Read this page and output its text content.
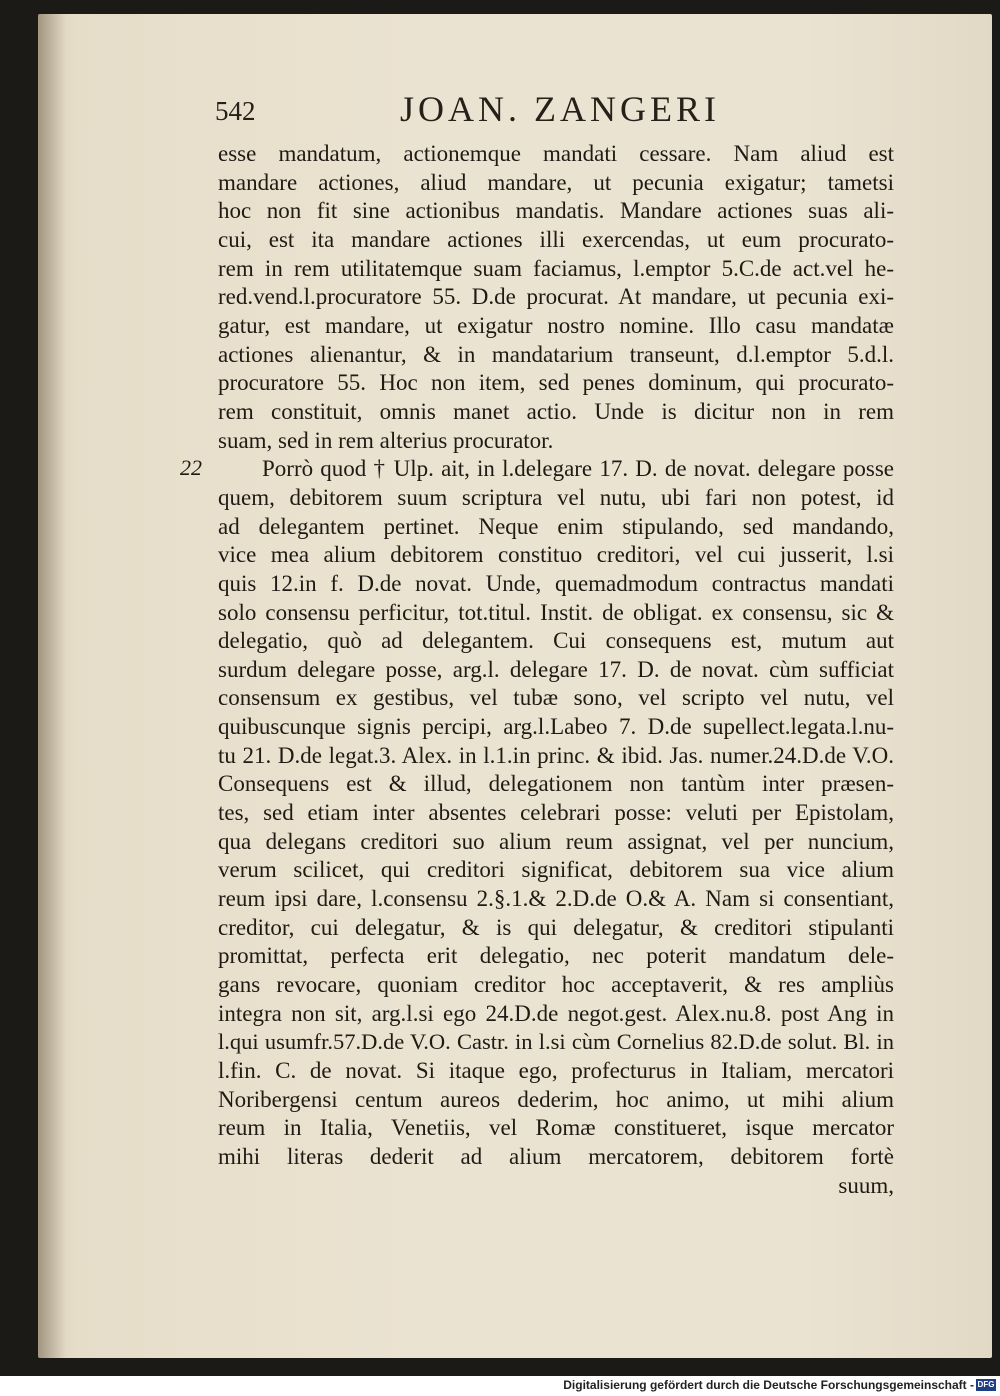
542	JOAN. ZANGERI
esse mandatum, actionemque mandati cessare. Nam aliud est
mandare actiones, aliud mandare, ut pecunia exigatur; tametsi
hoc non fit sine actionibus mandatis. Mandare actiones suas ali-
cui, est ita mandare actiones illi exercendas, ut eum procurato-
rem in rem utilitatemque suam faciamus, l.emptor 5.C.de act.vel he-
red.vend.l.procuratore 55. D.de procurat. At mandare, ut pecunia exi-
gatur, est mandare, ut exigatur nostro nomine. Illo casu mandatæ
actiones alienantur, & in mandatarium transeunt, d.l.emptor 5.d.l.
procuratore 55. Hoc non item, sed penes dominum, qui procurato-
rem constituit, omnis manet actio. Unde is dicitur non in rem
suam, sed in rem alterius procurator.
22	Porrò quod † Ulp. ait, in l.delegare 17. D. de novat. delegare posse
quem, debitorem suum scriptura vel nutu, ubi fari non potest, id
ad delegantem pertinet. Neque enim stipulando, sed mandando,
vice mea alium debitorem constituo creditori, vel cui jusserit, l.si
quis 12.in f. D.de novat. Unde, quemadmodum contractus mandati
solo consensu perficitur, tot.titul. Instit. de obligat. ex consensu, sic &
delegatio, quò ad delegantem. Cui consequens est, mutum aut
surdum delegare posse, arg.l. delegare 17. D. de novat. cùm sufficiat
consensum ex gestibus, vel tubæ sono, vel scripto vel nutu, vel
quibuscunque signis percipi, arg.l.Labeo 7. D.de supellect.legata.l.nu-
tu 21. D.de legat.3. Alex. in l.1.in princ. & ibid. Jas. numer.24.D.de V.O.
Consequens est & illud, delegationem non tantùm inter præsen-
tes, sed etiam inter absentes celebrari posse: veluti per Epistolam,
qua delegans creditori suo alium reum assignat, vel per nuncium,
verum scilicet, qui creditori significat, debitorem sua vice alium
reum ipsi dare, l.consensu 2.§.1.& 2.D.de O.& A. Nam si consentiant,
creditor, cui delegatur, & is qui delegatur, & creditori stipulanti
promittat, perfecta erit delegatio, nec poterit mandatum dele-
gans revocare, quoniam creditor hoc acceptaverit, & res ampliùs
integra non sit, arg.l.si ego 24.D.de negot.gest. Alex.nu.8. post Ang in
l.qui usumfr.57.D.de V.O. Castr. in l.si cùm Cornelius 82.D.de solut. Bl. in
l.fin. C. de novat. Si itaque ego, profecturus in Italiam, mercatori
Noribergensi centum aureos dederim, hoc animo, ut mihi alium
reum in Italia, Venetiis, vel Romæ constitueret, isque mercator
mihi literas dederit ad alium mercatorem, debitorem fortè
suum,
Digitalisierung gefördert durch die Deutsche Forschungsgemeinschaft - DFG
